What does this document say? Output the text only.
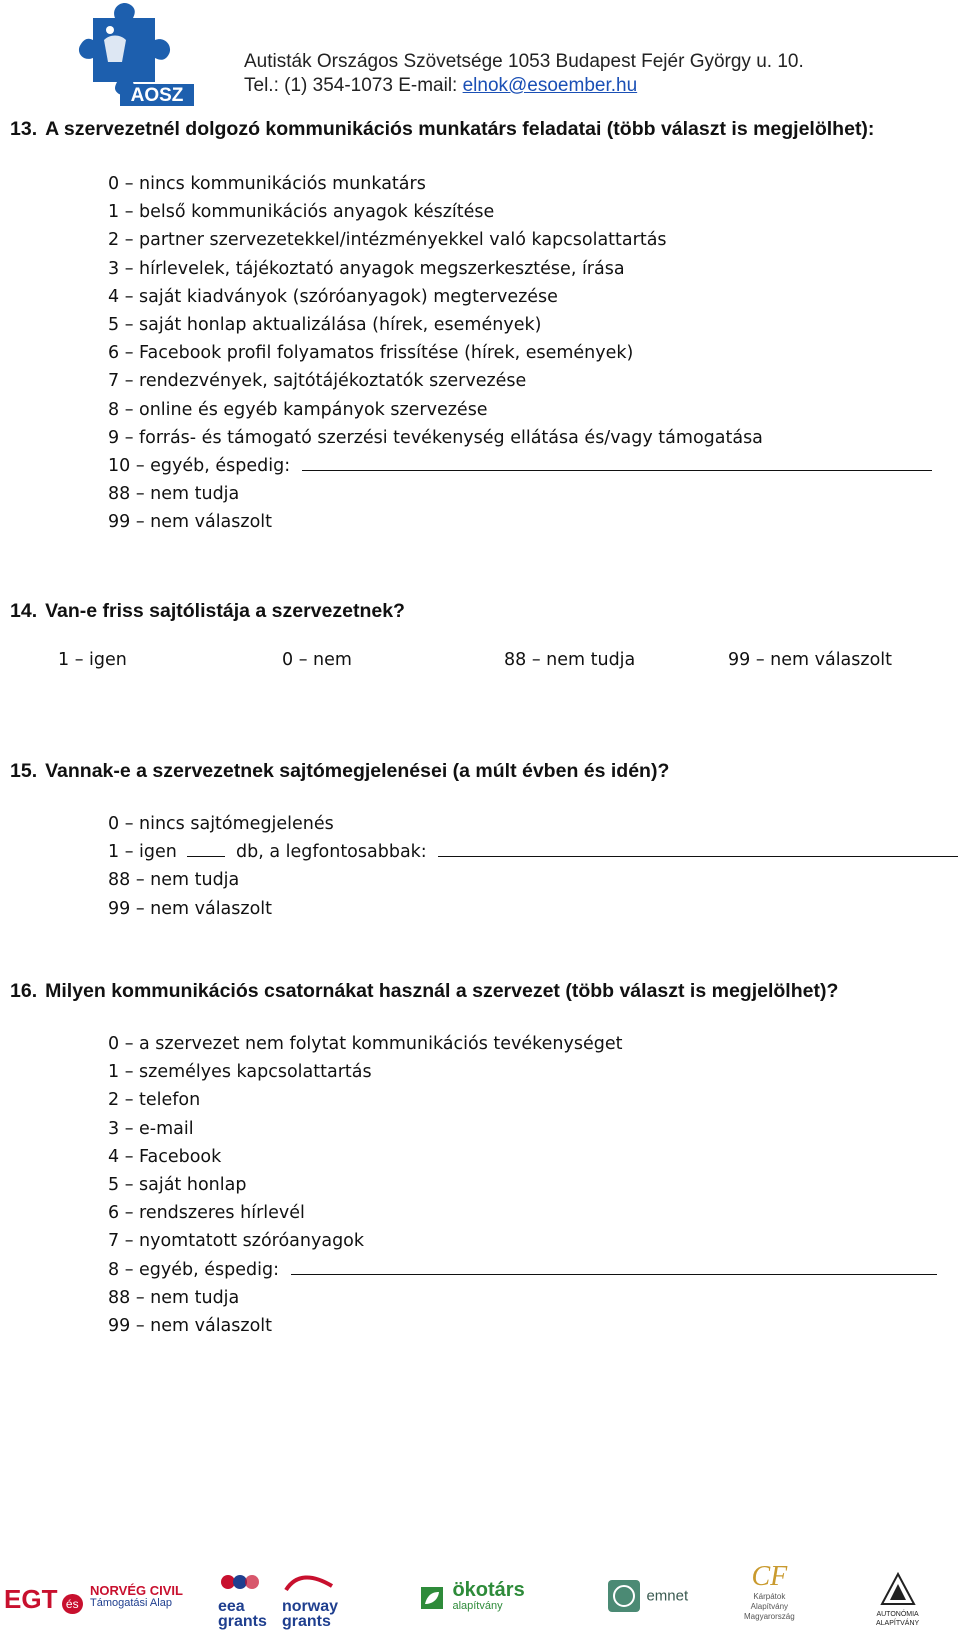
AOSZ
Autisták Országos Szövetsége 1053 Budapest Fejér György u. 10.
Tel.: (1) 354-1073 E-mail: elnok@esoember.hu
13. A szervezetnél dolgozó kommunikációs munkatárs feladatai (több választ is megjelölhet):
0 – nincs kommunikációs munkatárs
1 – belső kommunikációs anyagok készítése
2 – partner szervezetekkel/intézményekkel való kapcsolattartás
3 – hírlevelek, tájékoztató anyagok megszerkesztése, írása
4 – saját kiadványok (szóróanyagok) megtervezése
5 – saját honlap aktualizálása (hírek, események)
6 – Facebook profil folyamatos frissítése (hírek, események)
7 – rendezvények, sajtótájékoztatók szervezése
8 – online és egyéb kampányok szervezése
9 – forrás- és támogató szerzési tevékenység ellátása és/vagy támogatása
10 – egyéb, éspedig:
88 – nem tudja
99 – nem válaszolt
14. Van-e friss sajtólistája a szervezetnek?
1 – igen	0 – nem	88 – nem tudja	99 – nem válaszolt
15. Vannak-e a szervezetnek sajtómegjelenései (a múlt évben és idén)?
0 – nincs sajtómegjelenés
1 – igen	db, a legfontosabbak:
88 – nem tudja
99 – nem válaszolt
16. Milyen kommunikációs csatornákat használ a szervezet (több választ is megjelölhet)?
0 – a szervezet nem folytat kommunikációs tevékenységet
1 – személyes kapcsolattartás
2 – telefon
3 – e-mail
4 – Facebook
5 – saját honlap
6 – rendszeres hírlevél
7 – nyomtatott szóróanyagok
8 – egyéb, éspedig:
88 – nem tudja
99 – nem válaszolt
EGT és
NORVÉG CIVIL
Támogatási Alap	eea
grants
norway
grants

ökotárs
alapítvány
emnet
CF
Kárpátok
Alapítvány
Magyarország	AUTONÓMIA
ALAPÍTVÁNY
